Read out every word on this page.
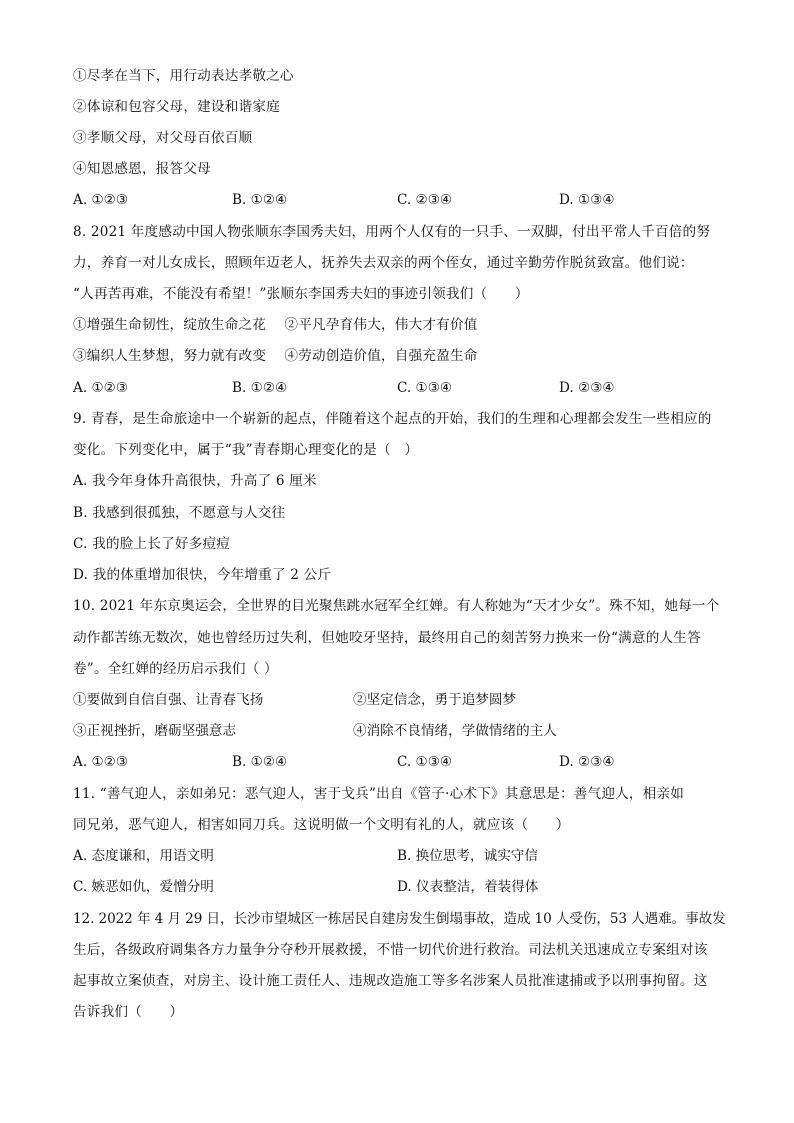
①尽孝在当下，用行动表达孝敬之心
②体谅和包容父母，建设和谐家庭
③孝顺父母，对父母百依百顺
④知恩感恩，报答父母
A. ①②③	B. ①②④	C. ②③④	D. ①③④
8. 2021 年度感动中国人物张顺东李国秀夫妇，用两个人仅有的一只手、一双脚，付出平常人千百倍的努
力，养育一对儿女成长，照顾年迈老人，抚养失去双亲的两个侄女，通过辛勤劳作脱贫致富。他们说：
“人再苦再难，不能没有希望！”张顺东李国秀夫妇的事迹引领我们（　　）
①增强生命韧性，绽放生命之花　 ②平凡孕育伟大，伟大才有价值
③编织人生梦想，努力就有改变　 ④劳动创造价值，自强充盈生命
A. ①②③	B. ①②④	C. ①③④	D. ②③④
9. 青春，是生命旅途中一个崭新的起点，伴随着这个起点的开始，我们的生理和心理都会发生一些相应的
变化。下列变化中，属于“我”青春期心理变化的是（　）
A. 我今年身体升高很快，升高了 6 厘米
B. 我感到很孤独，不愿意与人交往
C. 我的脸上长了好多痘痘
D. 我的体重增加很快，今年增重了 2 公斤
10. 2021 年东京奥运会，全世界的目光聚焦跳水冠军全红婵。有人称她为“天才少女”。殊不知，她每一个
动作都苦练无数次，她也曾经历过失利，但她咬牙坚持，最终用自己的刻苦努力换来一份“满意的人生答
卷”。全红婵的经历启示我们（ ）
①要做到自信自强、让青春飞扬	②坚定信念，勇于追梦圆梦
③正视挫折，磨砺坚强意志	④消除不良情绪，学做情绪的主人
A. ①②③	B. ①②④	C. ①③④	D. ②③④
11. “善气迎人，亲如弟兄：恶气迎人，害于戈兵”出自《管子·心术下》其意思是：善气迎人，相亲如
同兄弟，恶气迎人，相害如同刀兵。这说明做一个文明有礼的人，就应该（　　）
A. 态度谦和，用语文明	B. 换位思考，诚实守信
C. 嫉恶如仇，爱憎分明	D. 仪表整洁，着装得体
12. 2022 年 4 月 29 日，长沙市望城区一栋居民自建房发生倒塌事故，造成 10 人受伤，53 人遇难。事故发
生后，各级政府调集各方力量争分夺秒开展救援，不惜一切代价进行救治。司法机关迅速成立专案组对该
起事故立案侦查，对房主、设计施工责任人、违规改造施工等多名涉案人员批准逮捕或予以刑事拘留。这
告诉我们（　　）
